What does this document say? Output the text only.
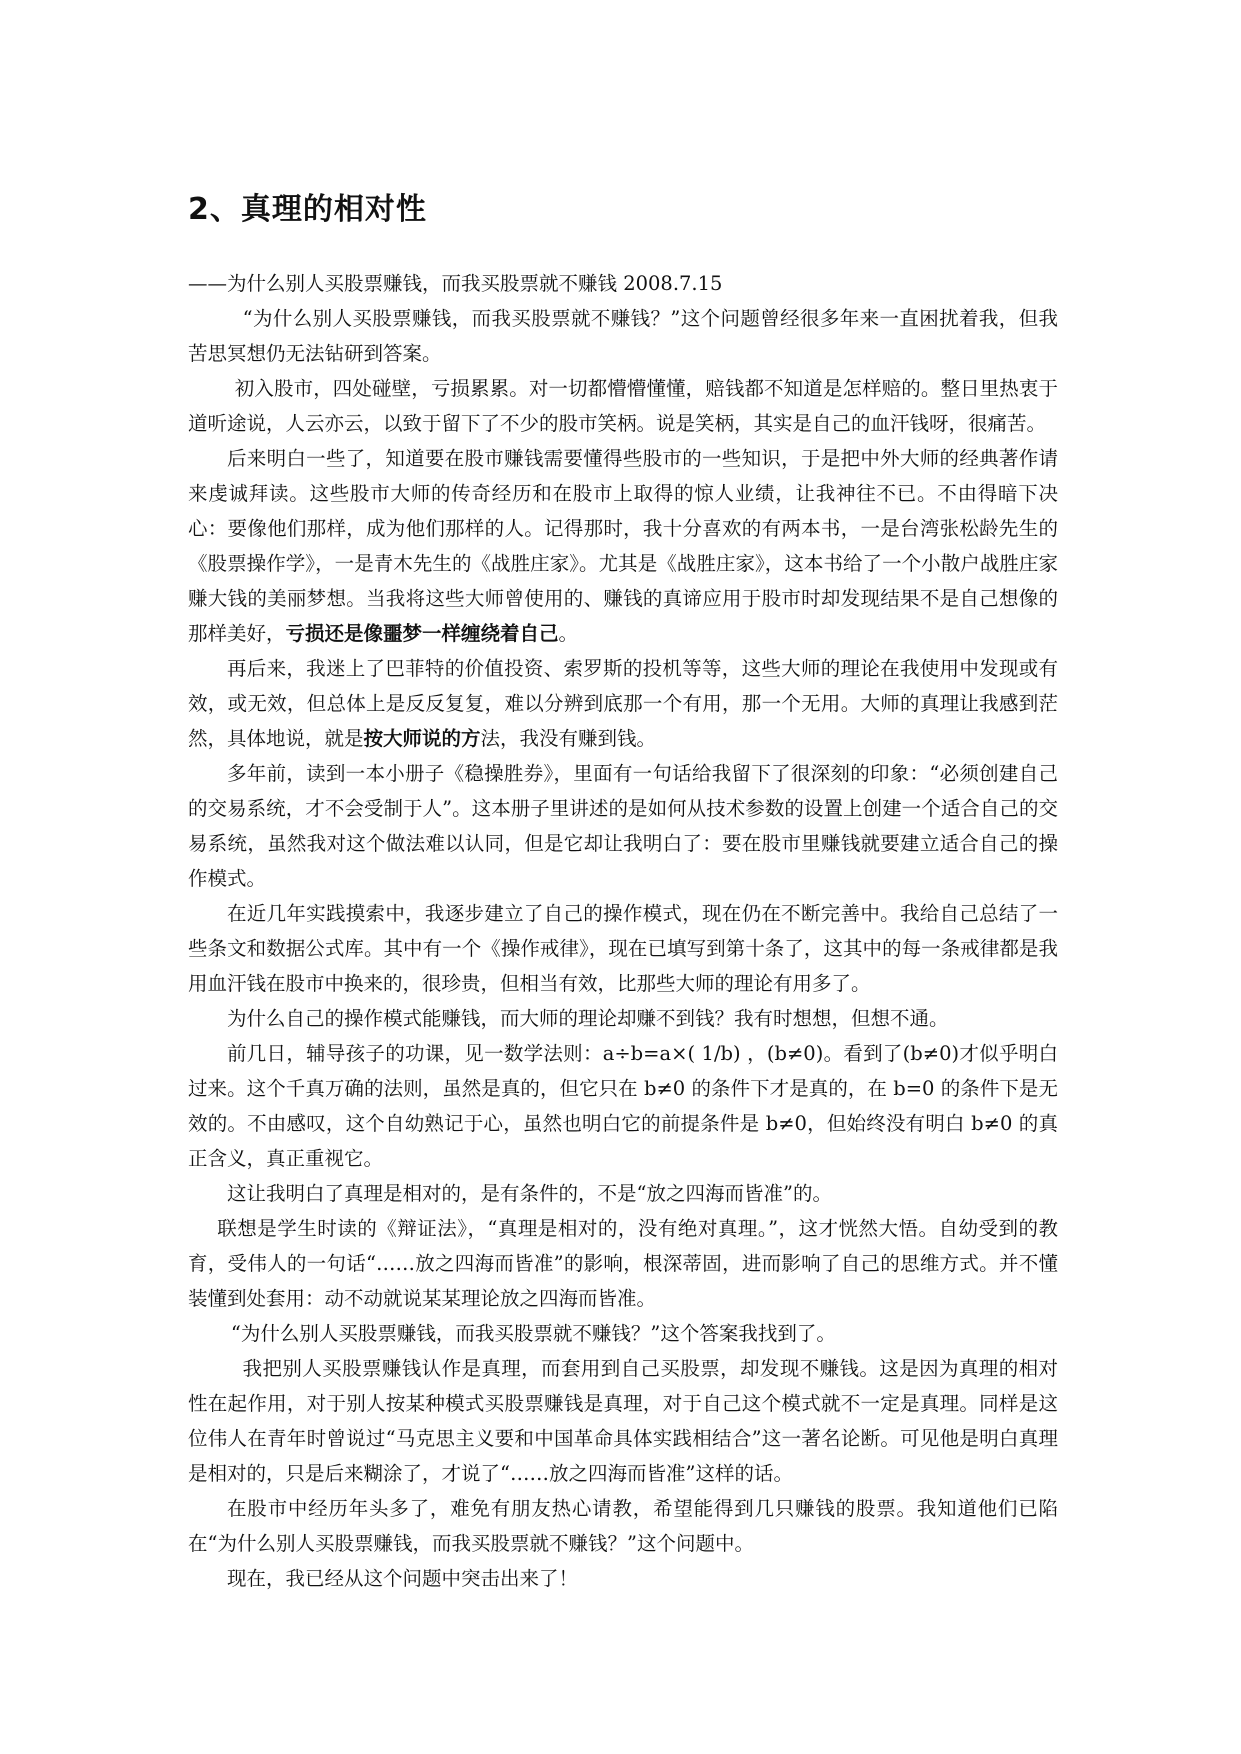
2、真理的相对性

——为什么别人买股票赚钱，而我买股票就不赚钱 2008.7.15

“为什么别人买股票赚钱，而我买股票就不赚钱？”这个问题曾经很多年来一直困扰着我，但我苦思冥想仍无法钻研到答案。

初入股市，四处碰壁，亏损累累。对一切都懵懵懂懂，赔钱都不知道是怎样赔的。整日里热衷于道听途说，人云亦云，以致于留下了不少的股市笑柄。说是笑柄，其实是自己的血汗钱呀，很痛苦。

后来明白一些了，知道要在股市赚钱需要懂得些股市的一些知识，于是把中外大师的经典著作请来虔诚拜读。这些股市大师的传奇经历和在股市上取得的惊人业绩，让我神往不已。不由得暗下决心：要像他们那样，成为他们那样的人。记得那时，我十分喜欢的有两本书，一是台湾张松龄先生的《股票操作学》，一是青木先生的《战胜庄家》。尤其是《战胜庄家》，这本书给了一个小散户战胜庄家赚大钱的美丽梦想。当我将这些大师曾使用的、赚钱的真谛应用于股市时却发现结果不是自己想像的那样美好，亏损还是像噩梦一样缠绕着自己。

再后来，我迷上了巴菲特的价值投资、索罗斯的投机等等，这些大师的理论在我使用中发现或有效，或无效，但总体上是反反复复，难以分辨到底那一个有用，那一个无用。大师的真理让我感到茫然，具体地说，就是按大师说的方法，我没有赚到钱。

多年前，读到一本小册子《稳操胜券》，里面有一句话给我留下了很深刻的印象：“必须创建自己的交易系统，才不会受制于人”。这本册子里讲述的是如何从技术参数的设置上创建一个适合自己的交易系统，虽然我对这个做法难以认同，但是它却让我明白了：要在股市里赚钱就要建立适合自己的操作模式。

在近几年实践摸索中，我逐步建立了自己的操作模式，现在仍在不断完善中。我给自己总结了一些条文和数据公式库。其中有一个《操作戒律》，现在已填写到第十条了，这其中的每一条戒律都是我用血汗钱在股市中换来的，很珍贵，但相当有效，比那些大师的理论有用多了。

为什么自己的操作模式能赚钱，而大师的理论却赚不到钱？我有时想想，但想不通。

前几日，辅导孩子的功课，见一数学法则：a÷b=a×( 1/b) ，(b≠0)。看到了(b≠0)才似乎明白过来。这个千真万确的法则，虽然是真的，但它只在 b≠0 的条件下才是真的，在 b=0 的条件下是无效的。不由感叹，这个自幼熟记于心，虽然也明白它的前提条件是 b≠0，但始终没有明白 b≠0 的真正含义，真正重视它。

这让我明白了真理是相对的，是有条件的，不是“放之四海而皆准”的。

联想是学生时读的《辩证法》，“真理是相对的，没有绝对真理。”，这才恍然大悟。自幼受到的教育，受伟人的一句话“……放之四海而皆准”的影响，根深蒂固，进而影响了自己的思维方式。并不懂装懂到处套用：动不动就说某某理论放之四海而皆准。

“为什么别人买股票赚钱，而我买股票就不赚钱？”这个答案我找到了。

我把别人买股票赚钱认作是真理，而套用到自己买股票，却发现不赚钱。这是因为真理的相对性在起作用，对于别人按某种模式买股票赚钱是真理，对于自己这个模式就不一定是真理。同样是这位伟人在青年时曾说过“马克思主义要和中国革命具体实践相结合”这一著名论断。可见他是明白真理是相对的，只是后来糊涂了，才说了“……放之四海而皆准”这样的话。

在股市中经历年头多了，难免有朋友热心请教，希望能得到几只赚钱的股票。我知道他们已陷在“为什么别人买股票赚钱，而我买股票就不赚钱？”这个问题中。

现在，我已经从这个问题中突击出来了！
